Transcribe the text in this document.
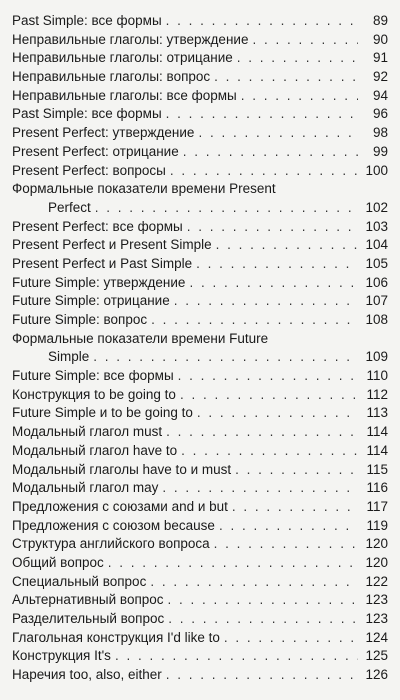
Past Simple: все формы . . .	89
Неправильные глаголы: утверждение . . .	90
Неправильные глаголы: отрицание . . .	91
Неправильные глаголы: вопрос . . .	92
Неправильные глаголы: все формы . . .	94
Past Simple: все формы . . .	96
Present Perfect: утверждение . . .	98
Present Perfect: отрицание . . .	99
Present Perfect: вопросы . . .	100
Формальные показатели времени Present
Perfect . . .	102
Present Perfect: все формы . . .	103
Present Perfect и Present Simple . . .	104
Present Perfect и Past Simple . . .	105
Future Simple: утверждение . . .	106
Future Simple: отрицание . . .	107
Future Simple: вопрос . . .	108
Формальные показатели времени Future
Simple . . .	109
Future Simple: все формы . . .	110
Конструкция to be going to . . .	112
Future Simple и to be going to . . .	113
Модальный глагол must . . .	114
Модальный глагол have to . . .	114
Модальный глаголы have to и must . . .	115
Модальный глагол may . . .	116
Предложения с союзами and и but . . .	117
Предложения с союзом because . . .	119
Структура английского вопроса . . .	120
Общий вопрос . . .	120
Специальный вопрос . . .	122
Альтернативный вопрос . . .	123
Разделительный вопрос . . .	123
Глагольная конструкция I'd like to . . .	124
Конструкция It's . . .	125
Наречия too, also, either . . .	126
